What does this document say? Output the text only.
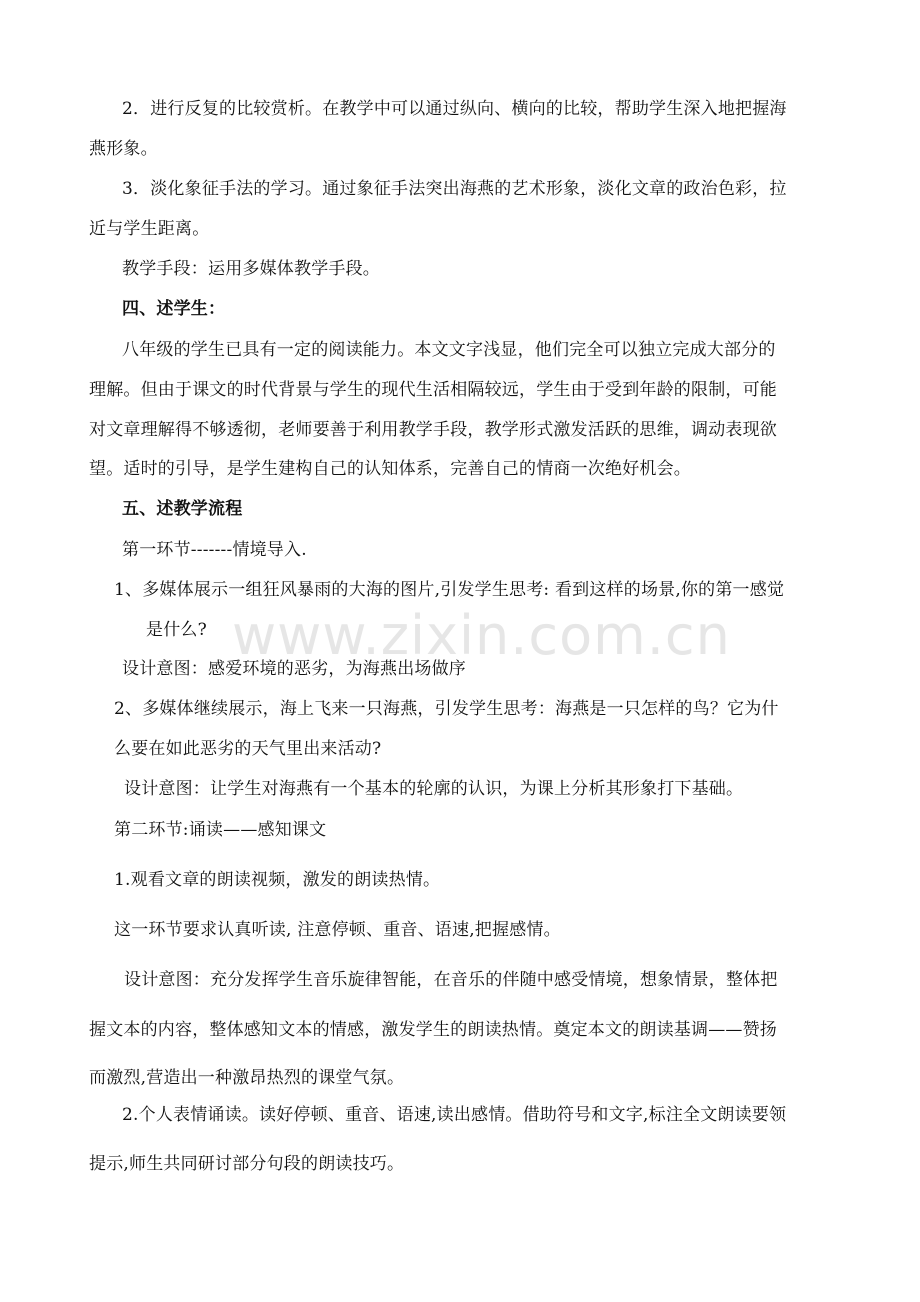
www.zixin.com.cn
2．进行反复的比较赏析。在教学中可以通过纵向、横向的比较，帮助学生深入地把握海
燕形象。
3．淡化象征手法的学习。通过象征手法突出海燕的艺术形象，淡化文章的政治色彩，拉
近与学生距离。
教学手段：运用多媒体教学手段。
四、述学生：
八年级的学生已具有一定的阅读能力。本文文字浅显，他们完全可以独立完成大部分的
理解。但由于课文的时代背景与学生的现代生活相隔较远，学生由于受到年龄的限制，可能
对文章理解得不够透彻，老师要善于利用教学手段，教学形式激发活跃的思维，调动表现欲
望。适时的引导，是学生建构自己的认知体系，完善自己的情商一次绝好机会。
五、述教学流程
第一环节-------情境导入.
1、多媒体展示一组狂风暴雨的大海的图片,引发学生思考: 看到这样的场景,你的第一感觉
是什么?
设计意图：感爱环境的恶劣，为海燕出场做序
2、多媒体继续展示，海上飞来一只海燕，引发学生思考：海燕是一只怎样的鸟？它为什
么要在如此恶劣的天气里出来活动?
设计意图：让学生对海燕有一个基本的轮廓的认识，为课上分析其形象打下基础。
第二环节:诵读——感知课文
1.观看文章的朗读视频，激发的朗读热情。
这一环节要求认真听读, 注意停顿、重音、语速,把握感情。
设计意图：充分发挥学生音乐旋律智能，在音乐的伴随中感受情境，想象情景，整体把
握文本的内容，整体感知文本的情感，激发学生的朗读热情。奠定本文的朗读基调——赞扬
而激烈,营造出一种激昂热烈的课堂气氛。
2.个人表情诵读。读好停顿、重音、语速,读出感情。借助符号和文字,标注全文朗读要领
提示,师生共同研讨部分句段的朗读技巧。
